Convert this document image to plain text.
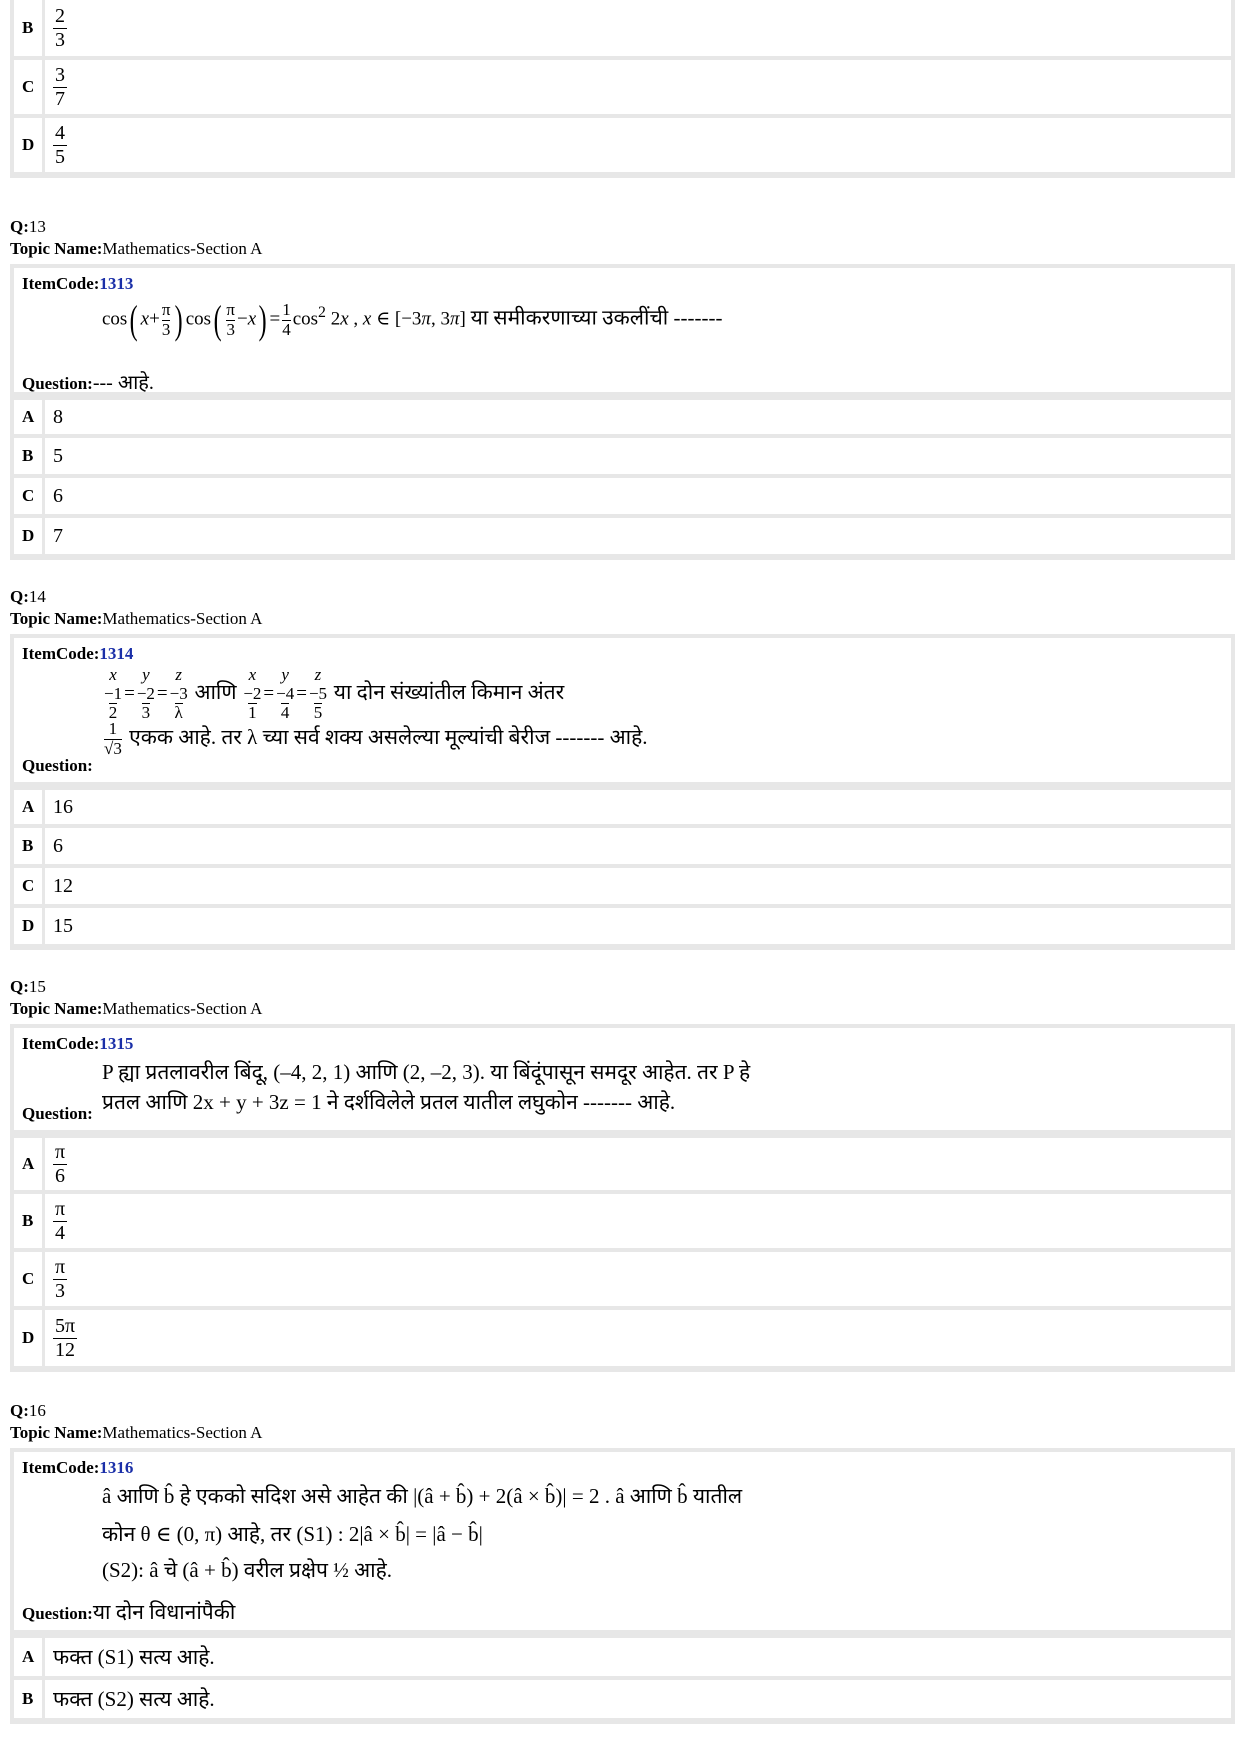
B $\frac{2}{3}$
C $\frac{3}{7}$
D $\frac{4}{5}$
Q:13
Topic Name:Mathematics-Section A
ItemCode:1313
cos( $x+ \frac{\pi}{3}$ ) $\cos( \frac{\pi}{3} -x) = \frac{1}{4} \cos^2 2x$ , x ∈ [−3π, 3π] या समीकरणाच्या उकलींची -------
Question:--- आहे.
A 8
B 5
C 6
D 7
Q:14
Topic Name:Mathematics-Section A
ItemCode:1314
x
−1
2
=
y
−2
3
=
z
−3
λ
आणि
x
−2
1
=
y
−4
4
=
z
−5
5
या दोन संख्यांतील किमान अंतर
$\frac{1}{√3}$ एकक आहे. तर λ च्या सर्व शक्य असलेल्या मूल्यांची बेरीज ------- आहे.
Question:
A 16
B 6
C 12
D 15
Q:15
Topic Name:Mathematics-Section A
ItemCode:1315
P ह्या प्रतलावरील बिंदू, (–4, 2, 1) आणि (2, –2, 3). या बिंदूंपासून समदूर आहेत. तर P हे
प्रतल आणि 2x + y + 3z = 1 ने दर्शविलेले प्रतल यातील लघुकोन ------- आहे.
Question:
A $\frac{\pi}{6}$
B $\frac{\pi}{4}$
C $\frac{\pi}{3}$
D $\frac{5\pi}{12}$
Q:16
Topic Name:Mathematics-Section A
ItemCode:1316
â आणि b̂ हे एकको सदिश असे आहेत की |(â + b̂) + 2(â × b̂)| = 2 . â आणि b̂ यातील
कोन θ ∈ (0, π) आहे, तर (S1) : 2|â × b̂| = |â − b̂|
(S2): â चे (â + b̂) वरील प्रक्षेप ½ आहे.
Question:या दोन विधानांपैकी
A फक्त (S1) सत्य आहे.
B फक्त (S2) सत्य आहे.
